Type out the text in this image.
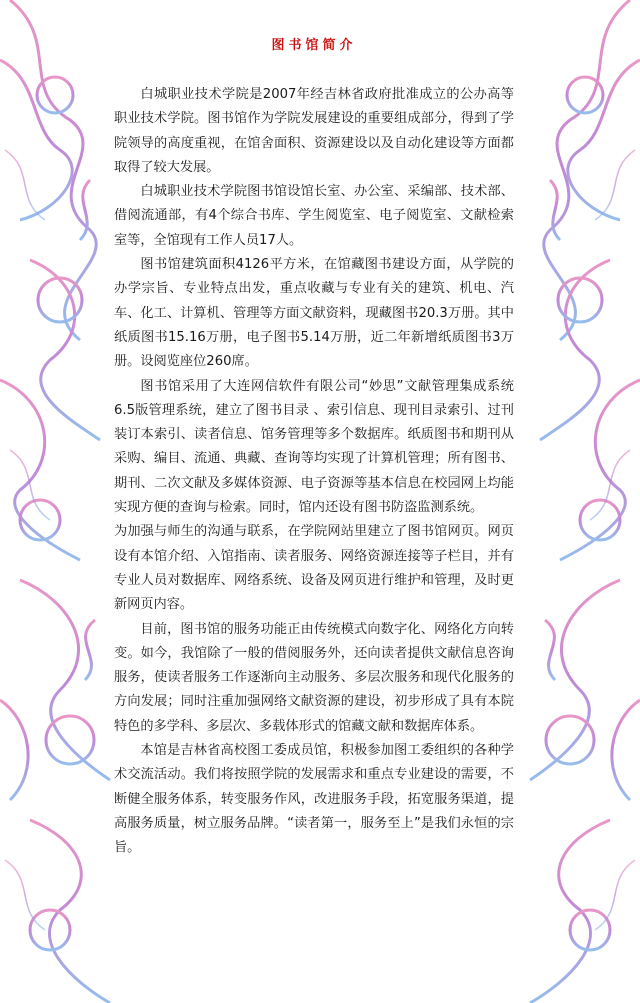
图书馆简介

白城职业技术学院是2007年经吉林省政府批准成立的公办高等职业技术学院。图书馆作为学院发展建设的重要组成部分，得到了学院领导的高度重视，在馆舍面积、资源建设以及自动化建设等方面都取得了较大发展。

白城职业技术学院图书馆设馆长室、办公室、采编部、技术部、借阅流通部，有4个综合书库、学生阅览室、电子阅览室、文献检索室等，全馆现有工作人员17人。

图书馆建筑面积4126平方米，在馆藏图书建设方面，从学院的办学宗旨、专业特点出发，重点收藏与专业有关的建筑、机电、汽车、化工、计算机、管理等方面文献资料，现藏图书20.3万册。其中纸质图书15.16万册，电子图书5.14万册，近二年新增纸质图书3万册。设阅览座位260席。

图书馆采用了大连网信软件有限公司“妙思”文献管理集成系统6.5版管理系统，建立了图书目录 、索引信息、现刊目录索引、过刊装订本索引、读者信息、馆务管理等多个数据库。纸质图书和期刊从采购、编目、流通、典藏、查询等均实现了计算机管理；所有图书、期刊、二次文献及多媒体资源、电子资源等基本信息在校园网上均能实现方便的查询与检索。同时，馆内还设有图书防盗监测系统。

为加强与师生的沟通与联系，在学院网站里建立了图书馆网页。网页设有本馆介绍、入馆指南、读者服务、网络资源连接等子栏目，并有专业人员对数据库、网络系统、设备及网页进行维护和管理，及时更新网页内容。

目前，图书馆的服务功能正由传统模式向数字化、网络化方向转变。如今，我馆除了一般的借阅服务外，还向读者提供文献信息咨询服务，使读者服务工作逐渐向主动服务、多层次服务和现代化服务的方向发展；同时注重加强网络文献资源的建设，初步形成了具有本院特色的多学科、多层次、多载体形式的馆藏文献和数据库体系。

本馆是吉林省高校图工委成员馆，积极参加图工委组织的各种学术交流活动。我们将按照学院的发展需求和重点专业建设的需要，不断健全服务体系，转变服务作风，改进服务手段，拓宽服务渠道，提高服务质量，树立服务品牌。“读者第一，服务至上”是我们永恒的宗旨。
